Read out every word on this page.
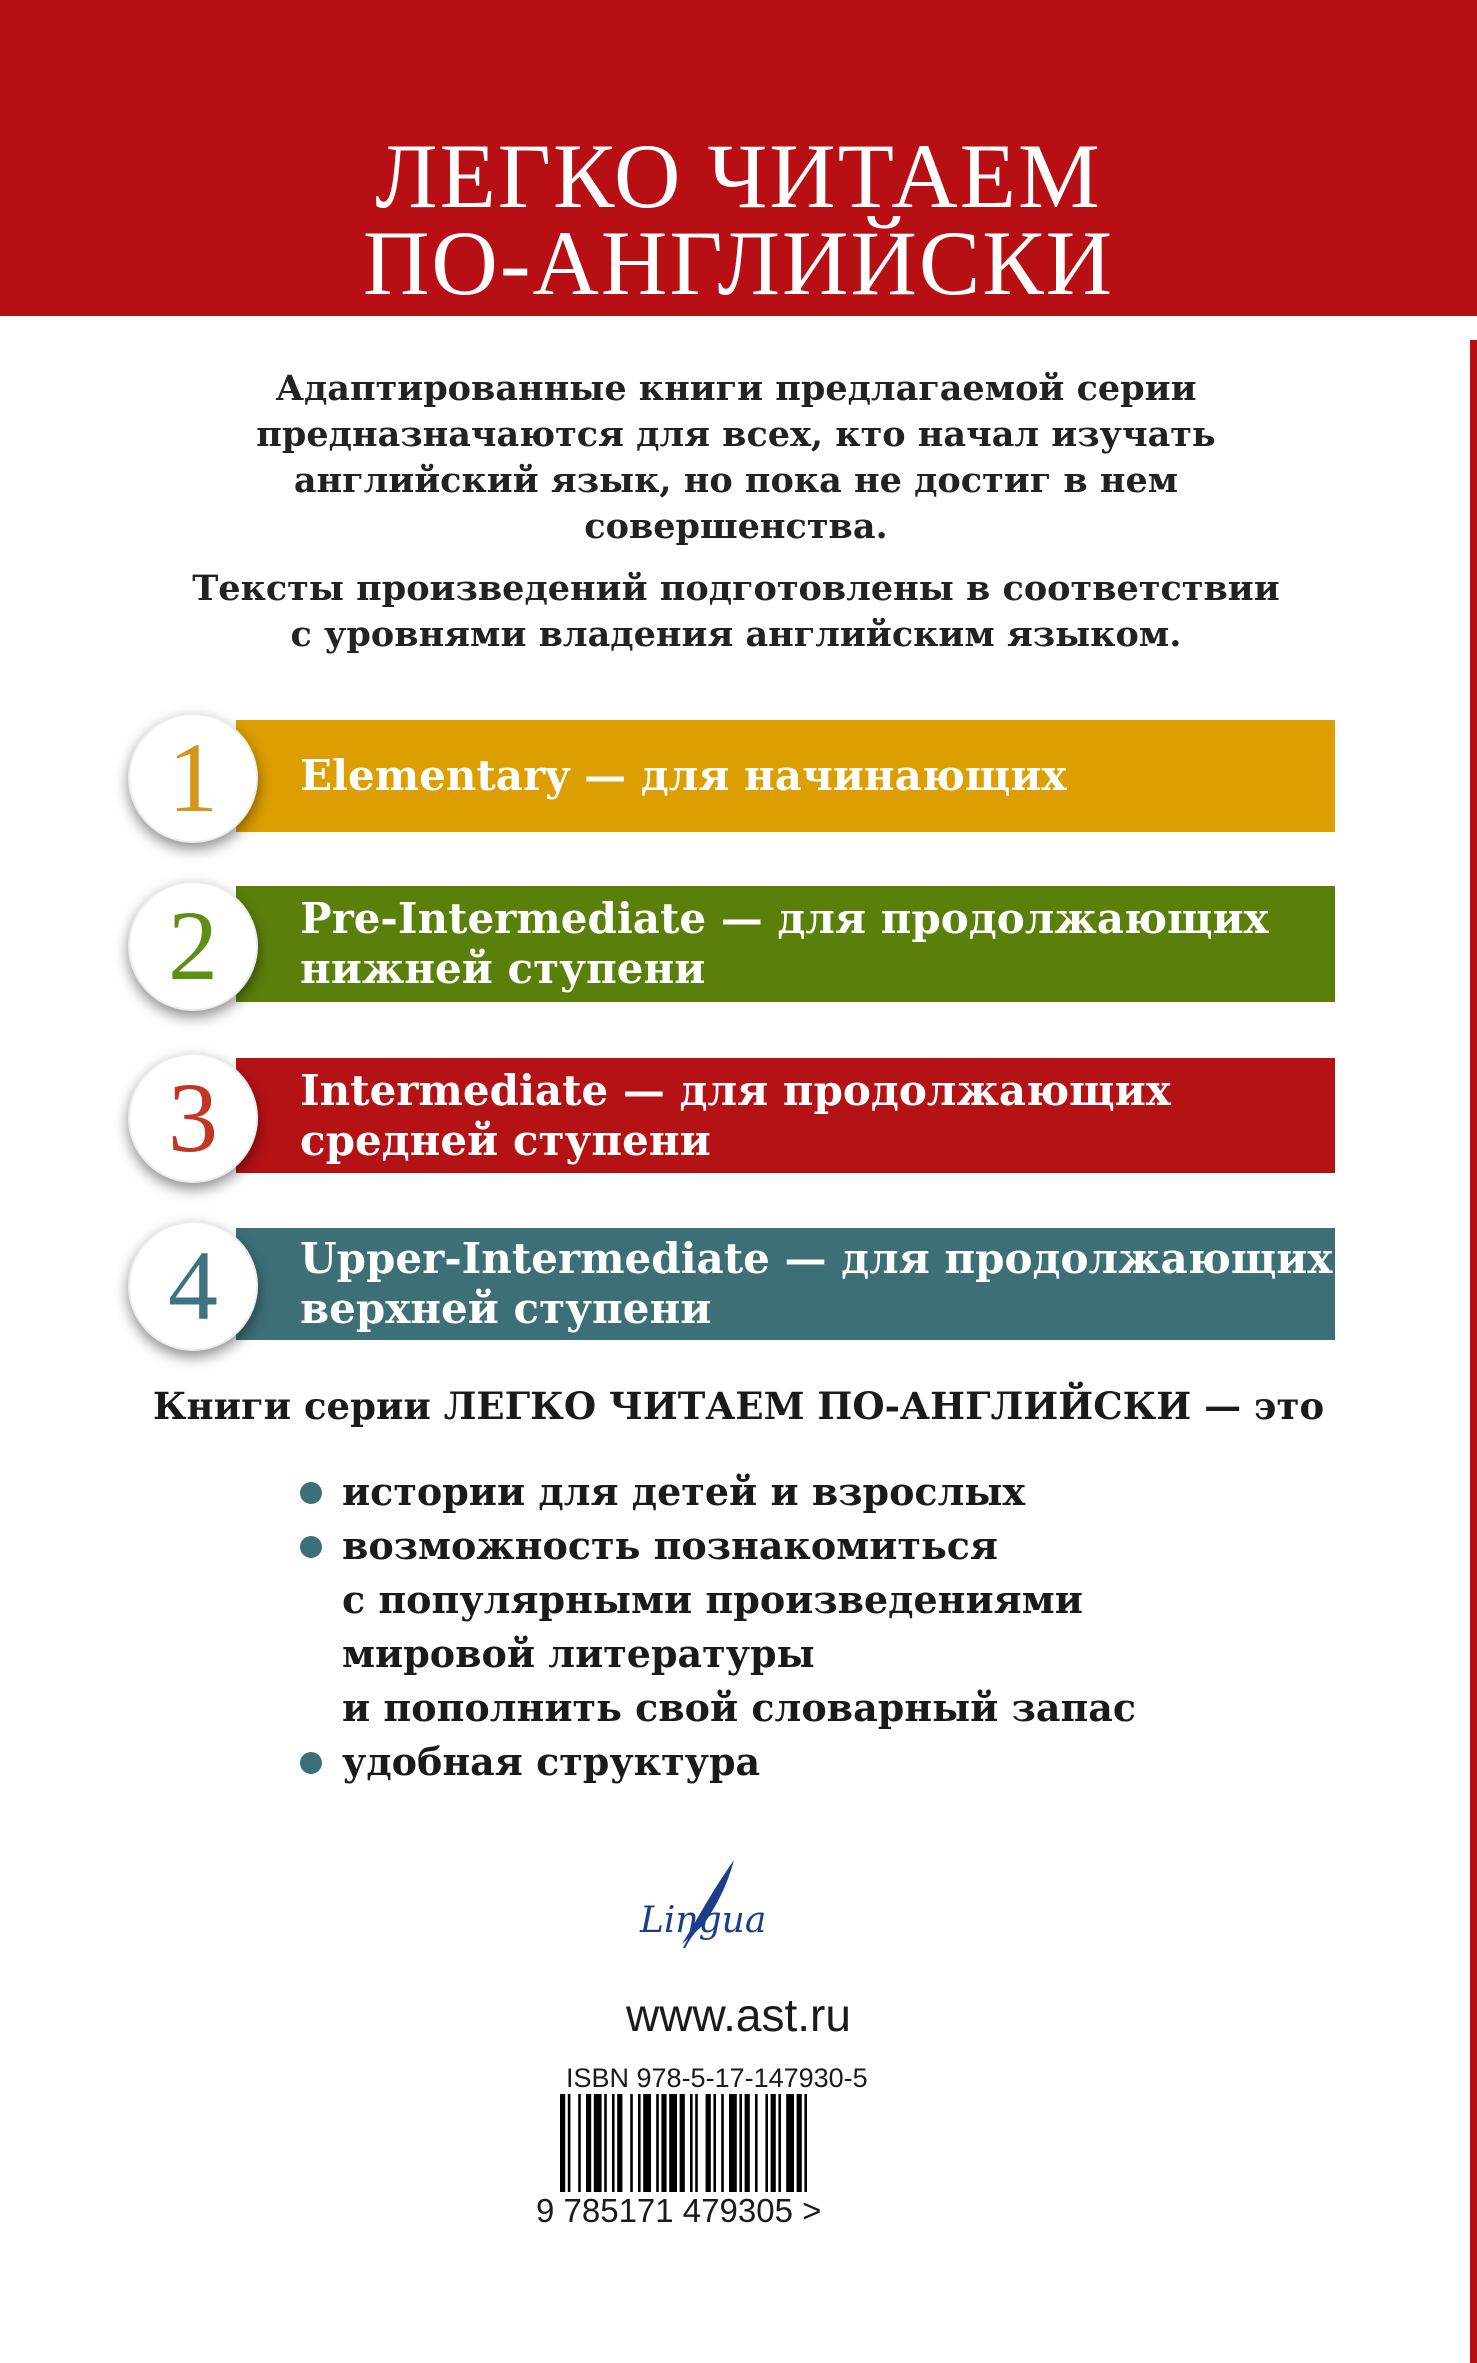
ЛЕГКО ЧИТАЕМ
ПО-АНГЛИЙСКИ
Адаптированные книги предлагаемой серии
предназначаются для всех, кто начал изучать
английский язык, но пока не достиг в нем
совершенства.
Тексты произведений подготовлены в соответствии
с уровнями владения английским языком.
1	Elementary — для начинающих
2	Pre-Intermediate — для продолжающих
нижней ступени
3	Intermediate — для продолжающих
средней ступени
4	Upper-Intermediate — для продолжающих
верхней ступени
Книги серии ЛЕГКО ЧИТАЕМ ПО-АНГЛИЙСКИ — это
истории для детей и взрослых
возможность познакомиться
с популярными произведениями
мировой литературы
и пополнить свой словарный запас
удобная структура
Lingua
www.ast.ru
ISBN 978-5-17-147930-5
9 785171 479305 >
